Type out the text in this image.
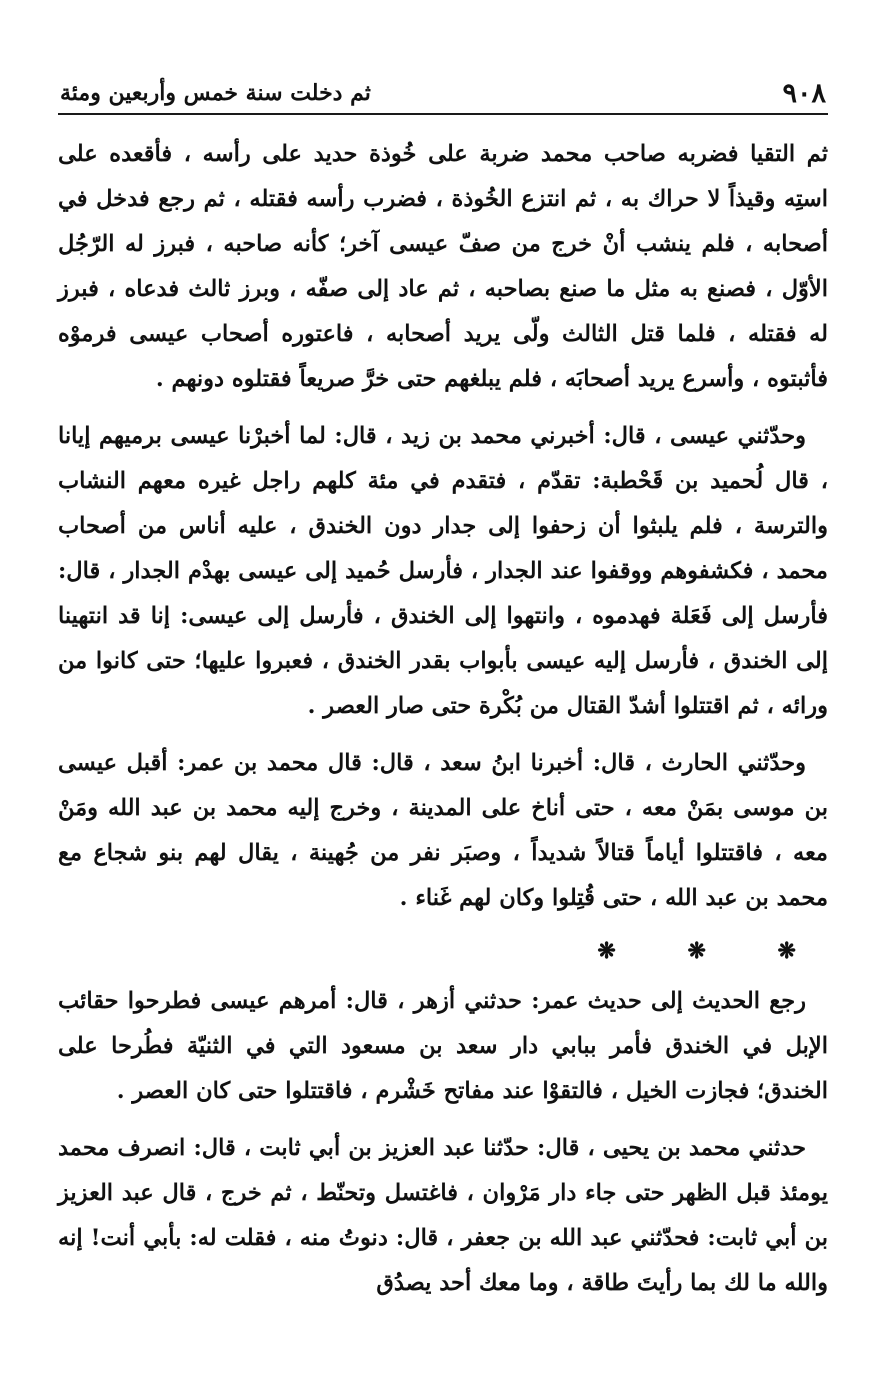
٩٠٨
ثم دخلت سنة خمس وأربعين ومئة

ثم التقيا فضربه صاحب محمد ضربة على خُوذة حديد على رأسه ، فأقعده على استِه وقيذاً لا حراك به ، ثم انتزع الخُوذة ، فضرب رأسه فقتله ، ثم رجع فدخل في أصحابه ، فلم ينشب أنْ خرج من صفّ عيسى آخر؛ كأنه صاحبه ، فبرز له الرّجُل الأوّل ، فصنع به مثل ما صنع بصاحبه ، ثم عاد إلى صفّه ، وبرز ثالث فدعاه ، فبرز له فقتله ، فلما قتل الثالث ولّى يريد أصحابه ، فاعتوره أصحاب عيسى فرموْه فأثبتوه ، وأسرع يريد أصحابَه ، فلم يبلغهم حتى خرَّ صريعاً فقتلوه دونهم .

وحدّثني عيسى ، قال: أخبرني محمد بن زيد ، قال: لما أخبرْنا عيسى برميهم إيانا ، قال لُحميد بن قَحْطبة: تقدّم ، فتقدم في مئة كلهم راجل غيره معهم النشاب والترسة ، فلم يلبثوا أن زحفوا إلى جدار دون الخندق ، عليه أناس من أصحاب محمد ، فكشفوهم ووقفوا عند الجدار ، فأرسل حُميد إلى عيسى بهدْم الجدار ، قال: فأرسل إلى فَعَلة فهدموه ، وانتهوا إلى الخندق ، فأرسل إلى عيسى: إنا قد انتهينا إلى الخندق ، فأرسل إليه عيسى بأبواب بقدر الخندق ، فعبروا عليها؛ حتى كانوا من ورائه ، ثم اقتتلوا أشدّ القتال من بُكْرة حتى صار العصر .

وحدّثني الحارث ، قال: أخبرنا ابنُ سعد ، قال: قال محمد بن عمر: أقبل عيسى بن موسى بمَنْ معه ، حتى أناخ على المدينة ، وخرج إليه محمد بن عبد الله ومَنْ معه ، فاقتتلوا أياماً قتالاً شديداً ، وصبَر نفر من جُهينة ، يقال لهم بنو شجاع مع محمد بن عبد الله ، حتى قُتِلوا وكان لهم غَناء .

❋ ❋ ❋

رجع الحديث إلى حديث عمر: حدثني أزهر ، قال: أمرهم عيسى فطرحوا حقائب الإبل في الخندق فأمر ببابي دار سعد بن مسعود التي في الثنيّة فطُرحا على الخندق؛ فجازت الخيل ، فالتقوْا عند مفاتح خَشْرم ، فاقتتلوا حتى كان العصر .

حدثني محمد بن يحيى ، قال: حدّثنا عبد العزيز بن أبي ثابت ، قال: انصرف محمد يومئذ قبل الظهر حتى جاء دار مَرْوان ، فاغتسل وتحنّط ، ثم خرج ، قال عبد العزيز بن أبي ثابت: فحدّثني عبد الله بن جعفر ، قال: دنوتُ منه ، فقلت له: بأبي أنت! إنه والله ما لك بما رأيتَ طاقة ، وما معك أحد يصدُق
